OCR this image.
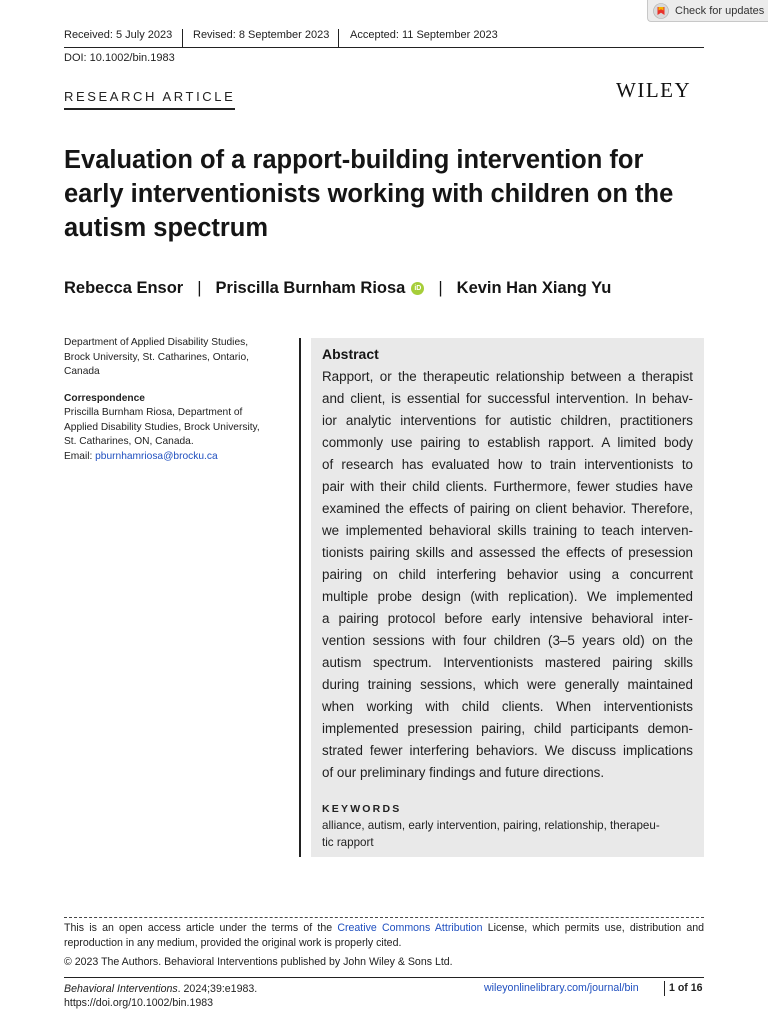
Check for updates
Received: 5 July 2023 Revised: 8 September 2023 Accepted: 11 September 2023
DOI: 10.1002/bin.1983
RESEARCH ARTICLE	WILEY
Evaluation of a rapport-building intervention for
early interventionists working with children on the
autism spectrum
Rebecca Ensor | Priscilla Burnham Riosa	iD | Kevin Han Xiang Yu
Department of Applied Disability Studies,
Brock University, St. Catharines, Ontario,
Canada
Correspondence
Priscilla Burnham Riosa, Department of
Applied Disability Studies, Brock University,
St. Catharines, ON, Canada.
Email: pburnhamriosa@brocku.ca
Abstract
Rapport, or the therapeutic relationship between a therapist
and client, is essential for successful intervention. In behav-
ior analytic interventions for autistic children, practitioners
commonly use pairing to establish rapport. A limited body
of research has evaluated how to train interventionists to
pair with their child clients. Furthermore, fewer studies have
examined the effects of pairing on client behavior. Therefore,
we implemented behavioral skills training to teach interven-
tionists pairing skills and assessed the effects of presession
pairing on child interfering behavior using a concurrent
multiple probe design (with replication). We implemented
a pairing protocol before early intensive behavioral inter-
vention sessions with four children (3–5 years old) on the
autism spectrum. Interventionists mastered pairing skills
during training sessions, which were generally maintained
when working with child clients. When interventionists
implemented presession pairing, child participants demon-
strated fewer interfering behaviors. We discuss implications
of our preliminary findings and future directions.
KEYWORDS
alliance, autism, early intervention, pairing, relationship, therapeu-
tic rapport
This is an open access article under the terms of the Creative Commons Attribution License, which permits use, distribution and
reproduction in any medium, provided the original work is properly cited.
© 2023 The Authors. Behavioral Interventions published by John Wiley & Sons Ltd.
Behavioral Interventions. 2024;39:e1983.
https://doi.org/10.1002/bin.1983
wileyonlinelibrary.com/journal/bin	1 of 16
